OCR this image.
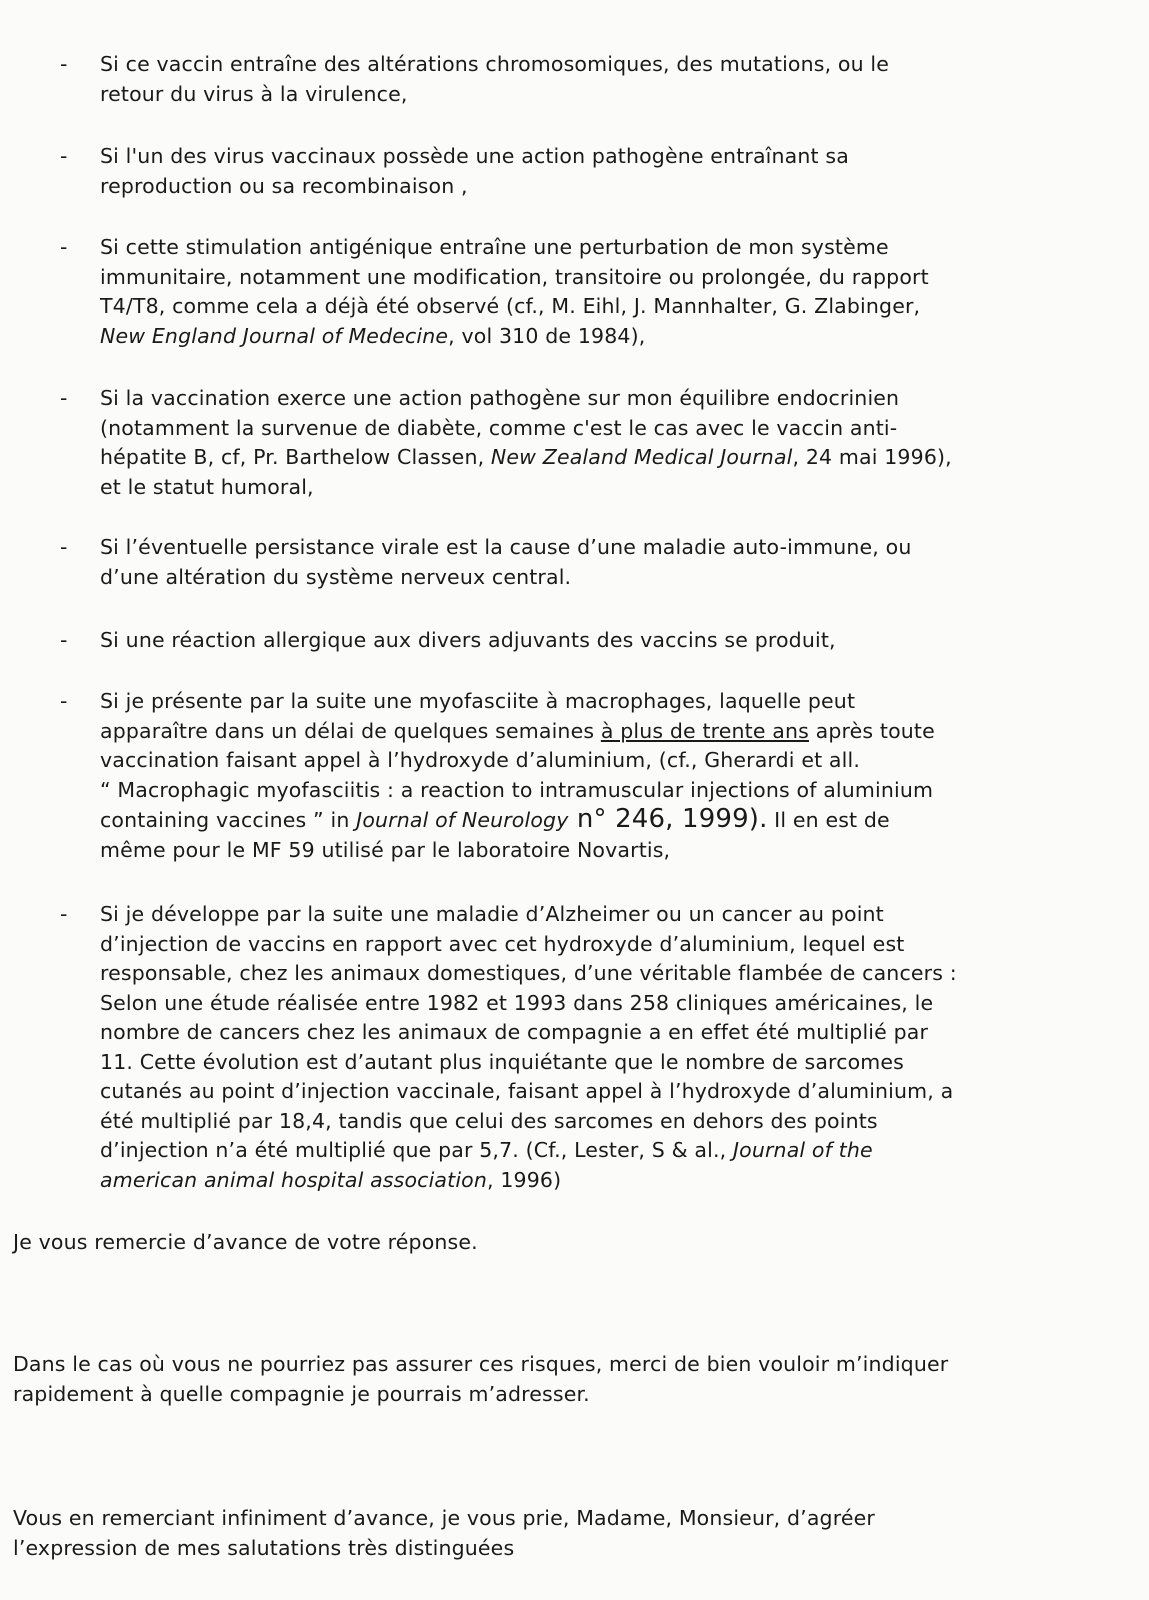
- Si ce vaccin entraîne des altérations chromosomiques, des mutations, ou le
retour du virus à la virulence,
- Si l'un des virus vaccinaux possède une action pathogène entraînant sa
reproduction ou sa recombinaison ,
- Si cette stimulation antigénique entraîne une perturbation de mon système
immunitaire, notamment une modification, transitoire ou prolongée, du rapport
T4/T8, comme cela a déjà été observé (cf., M. Eihl, J. Mannhalter, G. Zlabinger,
New England Journal of Medecine, vol 310 de 1984),
- Si la vaccination exerce une action pathogène sur mon équilibre endocrinien
(notamment la survenue de diabète, comme c'est le cas avec le vaccin anti-
hépatite B, cf, Pr. Barthelow Classen, New Zealand Medical Journal, 24 mai 1996),
et le statut humoral,
- Si l’éventuelle persistance virale est la cause d’une maladie auto-immune, ou
d’une altération du système nerveux central.
- Si une réaction allergique aux divers adjuvants des vaccins se produit,
- Si je présente par la suite une myofasciite à macrophages, laquelle peut
apparaître dans un délai de quelques semaines à plus de trente ans après toute
vaccination faisant appel à l’hydroxyde d’aluminium, (cf., Gherardi et all.
“ Macrophagic myofasciitis : a reaction to intramuscular injections of aluminium
containing vaccines ” in Journal of Neurology n° 246, 1999). Il en est de
même pour le MF 59 utilisé par le laboratoire Novartis,
- Si je développe par la suite une maladie d’Alzheimer ou un cancer au point
d’injection de vaccins en rapport avec cet hydroxyde d’aluminium, lequel est
responsable, chez les animaux domestiques, d’une véritable flambée de cancers :
Selon une étude réalisée entre 1982 et 1993 dans 258 cliniques américaines, le
nombre de cancers chez les animaux de compagnie a en effet été multiplié par
11. Cette évolution est d’autant plus inquiétante que le nombre de sarcomes
cutanés au point d’injection vaccinale, faisant appel à l’hydroxyde d’aluminium, a
été multiplié par 18,4, tandis que celui des sarcomes en dehors des points
d’injection n’a été multiplié que par 5,7. (Cf., Lester, S & al., Journal of the
american animal hospital association, 1996)
Je vous remercie d’avance de votre réponse.
Dans le cas où vous ne pourriez pas assurer ces risques, merci de bien vouloir m’indiquer
rapidement à quelle compagnie je pourrais m’adresser.
Vous en remerciant infiniment d’avance, je vous prie, Madame, Monsieur, d’agréer
l’expression de mes salutations très distinguées
